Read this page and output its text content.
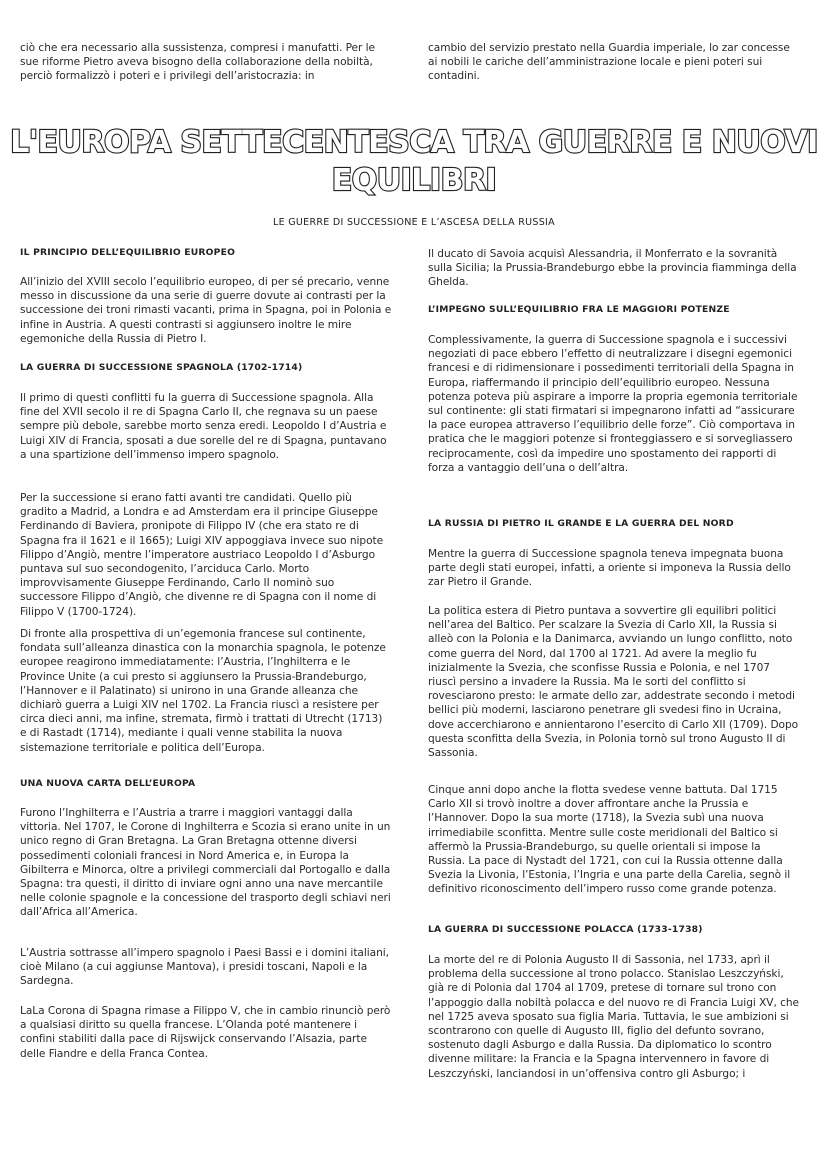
ciò che era necessario alla sussistenza, compresi i manufatti. Per le sue riforme Pietro aveva bisogno della collaborazione della nobiltà, perciò formalizzò i poteri e i privilegi dell’aristocrazia: in

cambio del servizio prestato nella Guardia imperiale, lo zar concesse ai nobili le cariche dell’amministrazione locale e pieni poteri sui contadini.

L'EUROPA SETTECENTESCA TRA GUERRE E NUOVI
EQUILIBRI
LE GUERRE DI SUCCESSIONE E L’ASCESA DELLA RUSSIA
IL PRINCIPIO DELL’EQUILIBRIO EUROPEO

All’inizio del XVIII secolo l’equilibrio europeo, di per sé precario, venne messo in discussione da una serie di guerre dovute ai contrasti per la successione dei troni rimasti vacanti, prima in Spagna, poi in Polonia e infine in Austria. A questi contrasti si aggiunsero inoltre le mire egemoniche della Russia di Pietro I.

LA GUERRA DI SUCCESSIONE SPAGNOLA (1702-1714)

Il primo di questi conflitti fu la guerra di Successione spagnola. Alla fine del XVII secolo il re di Spagna Carlo II, che regnava su un paese sempre più debole, sarebbe morto senza eredi. Leopoldo I d’Austria e Luigi XIV di Francia, sposati a due sorelle del re di Spagna, puntavano a una spartizione dell’immenso impero spagnolo.

Per la successione si erano fatti avanti tre candidati. Quello più gradito a Madrid, a Londra e ad Amsterdam era il principe Giuseppe Ferdinando di Baviera, pronipote di Filippo IV (che era stato re di Spagna fra il 1621 e il 1665); Luigi XIV appoggiava invece suo nipote Filippo d’Angiò, mentre l’imperatore austriaco Leopoldo I d’Asburgo puntava sul suo secondogenito, l’arciduca Carlo. Morto improvvisamente Giuseppe Ferdinando, Carlo II nominò suo successore Filippo d’Angiò, che divenne re di Spagna con il nome di Filippo V (1700-1724).

Di fronte alla prospettiva di un’egemonia francese sul continente, fondata sull’alleanza dinastica con la monarchia spagnola, le potenze europee reagirono immediatamente: l’Austria, l’Inghilterra e le Province Unite (a cui presto si aggiunsero la Prussia-Brandeburgo, l’Hannover e il Palatinato) si unirono in una Grande alleanza che dichiarò guerra a Luigi XIV nel 1702. La Francia riuscì a resistere per circa dieci anni, ma infine, stremata, firmò i trattati di Utrecht (1713) e di Rastadt (1714), mediante i quali venne stabilita la nuova sistemazione territoriale e politica dell’Europa.

UNA NUOVA CARTA DELL’EUROPA

Furono l’Inghilterra e l’Austria a trarre i maggiori vantaggi dalla vittoria. Nel 1707, le Corone di Inghilterra e Scozia si erano unite in un unico regno di Gran Bretagna. La Gran Bretagna ottenne diversi possedimenti coloniali francesi in Nord America e, in Europa la Gibilterra e Minorca, oltre a privilegi commerciali dal Portogallo e dalla Spagna: tra questi, il diritto di inviare ogni anno una nave mercantile nelle colonie spagnole e la concessione del trasporto degli schiavi neri dall’Africa all’America.

L’Austria sottrasse all’impero spagnolo i Paesi Bassi e i domini italiani, cioè Milano (a cui aggiunse Mantova), i presidi toscani, Napoli e la Sardegna.

LaLa Corona di Spagna rimase a Filippo V, che in cambio rinunciò però a qualsiasi diritto su quella francese. L’Olanda poté mantenere i confini stabiliti dalla pace di Rijswijck conservando l’Alsazia, parte delle Fiandre e della Franca Contea.

Il ducato di Savoia acquisì Alessandria, il Monferrato e la sovranità sulla Sicilia; la Prussia-Brandeburgo ebbe la provincia fiamminga della Ghelda.

L’IMPEGNO SULL’EQUILIBRIO FRA LE MAGGIORI POTENZE

Complessivamente, la guerra di Successione spagnola e i successivi negoziati di pace ebbero l’effetto di neutralizzare i disegni egemonici francesi e di ridimensionare i possedimenti territoriali della Spagna in Europa, riaffermando il principio dell’equilibrio europeo. Nessuna potenza poteva più aspirare a imporre la propria egemonia territoriale sul continente: gli stati firmatari si impegnarono infatti ad “assicurare la pace europea attraverso l’equilibrio delle forze”. Ciò comportava in pratica che le maggiori potenze si fronteggiassero e si sorvegliassero reciprocamente, così da impedire uno spostamento dei rapporti di forza a vantaggio dell’una o dell’altra.

LA RUSSIA DI PIETRO IL GRANDE E LA GUERRA DEL NORD

Mentre la guerra di Successione spagnola teneva impegnata buona parte degli stati europei, infatti, a oriente si imponeva la Russia dello zar Pietro il Grande.

La politica estera di Pietro puntava a sovvertire gli equilibri politici nell’area del Baltico. Per scalzare la Svezia di Carlo XII, la Russia si alleò con la Polonia e la Danimarca, avviando un lungo conflitto, noto come guerra del Nord, dal 1700 al 1721. Ad avere la meglio fu inizialmente la Svezia, che sconfisse Russia e Polonia, e nel 1707 riuscì persino a invadere la Russia. Ma le sorti del conflitto si rovesciarono presto: le armate dello zar, addestrate secondo i metodi bellici più moderni, lasciarono penetrare gli svedesi fino in Ucraina, dove accerchiarono e annientarono l’esercito di Carlo XII (1709). Dopo questa sconfitta della Svezia, in Polonia tornò sul trono Augusto II di Sassonia.

Cinque anni dopo anche la flotta svedese venne battuta. Dal 1715 Carlo XII si trovò inoltre a dover affrontare anche la Prussia e l’Hannover. Dopo la sua morte (1718), la Svezia subì una nuova irrimediabile sconfitta. Mentre sulle coste meridionali del Baltico si affermò la Prussia-Brandeburgo, su quelle orientali si impose la Russia. La pace di Nystadt del 1721, con cui la Russia ottenne dalla Svezia la Livonia, l’Estonia, l’Ingria e una parte della Carelia, segnò il definitivo riconoscimento dell’impero russo come grande potenza.

LA GUERRA DI SUCCESSIONE POLACCA (1733-1738)

La morte del re di Polonia Augusto II di Sassonia, nel 1733, aprì il problema della successione al trono polacco. Stanislao Leszczyński, già re di Polonia dal 1704 al 1709, pretese di tornare sul trono con l’appoggio dalla nobiltà polacca e del nuovo re di Francia Luigi XV, che nel 1725 aveva sposato sua figlia Maria. Tuttavia, le sue ambizioni si scontrarono con quelle di Augusto III, figlio del defunto sovrano, sostenuto dagli Asburgo e dalla Russia. Da diplomatico lo scontro divenne militare: la Francia e la Spagna intervennero in favore di Leszczyński, lanciandosi in un’offensiva contro gli Asburgo; i
